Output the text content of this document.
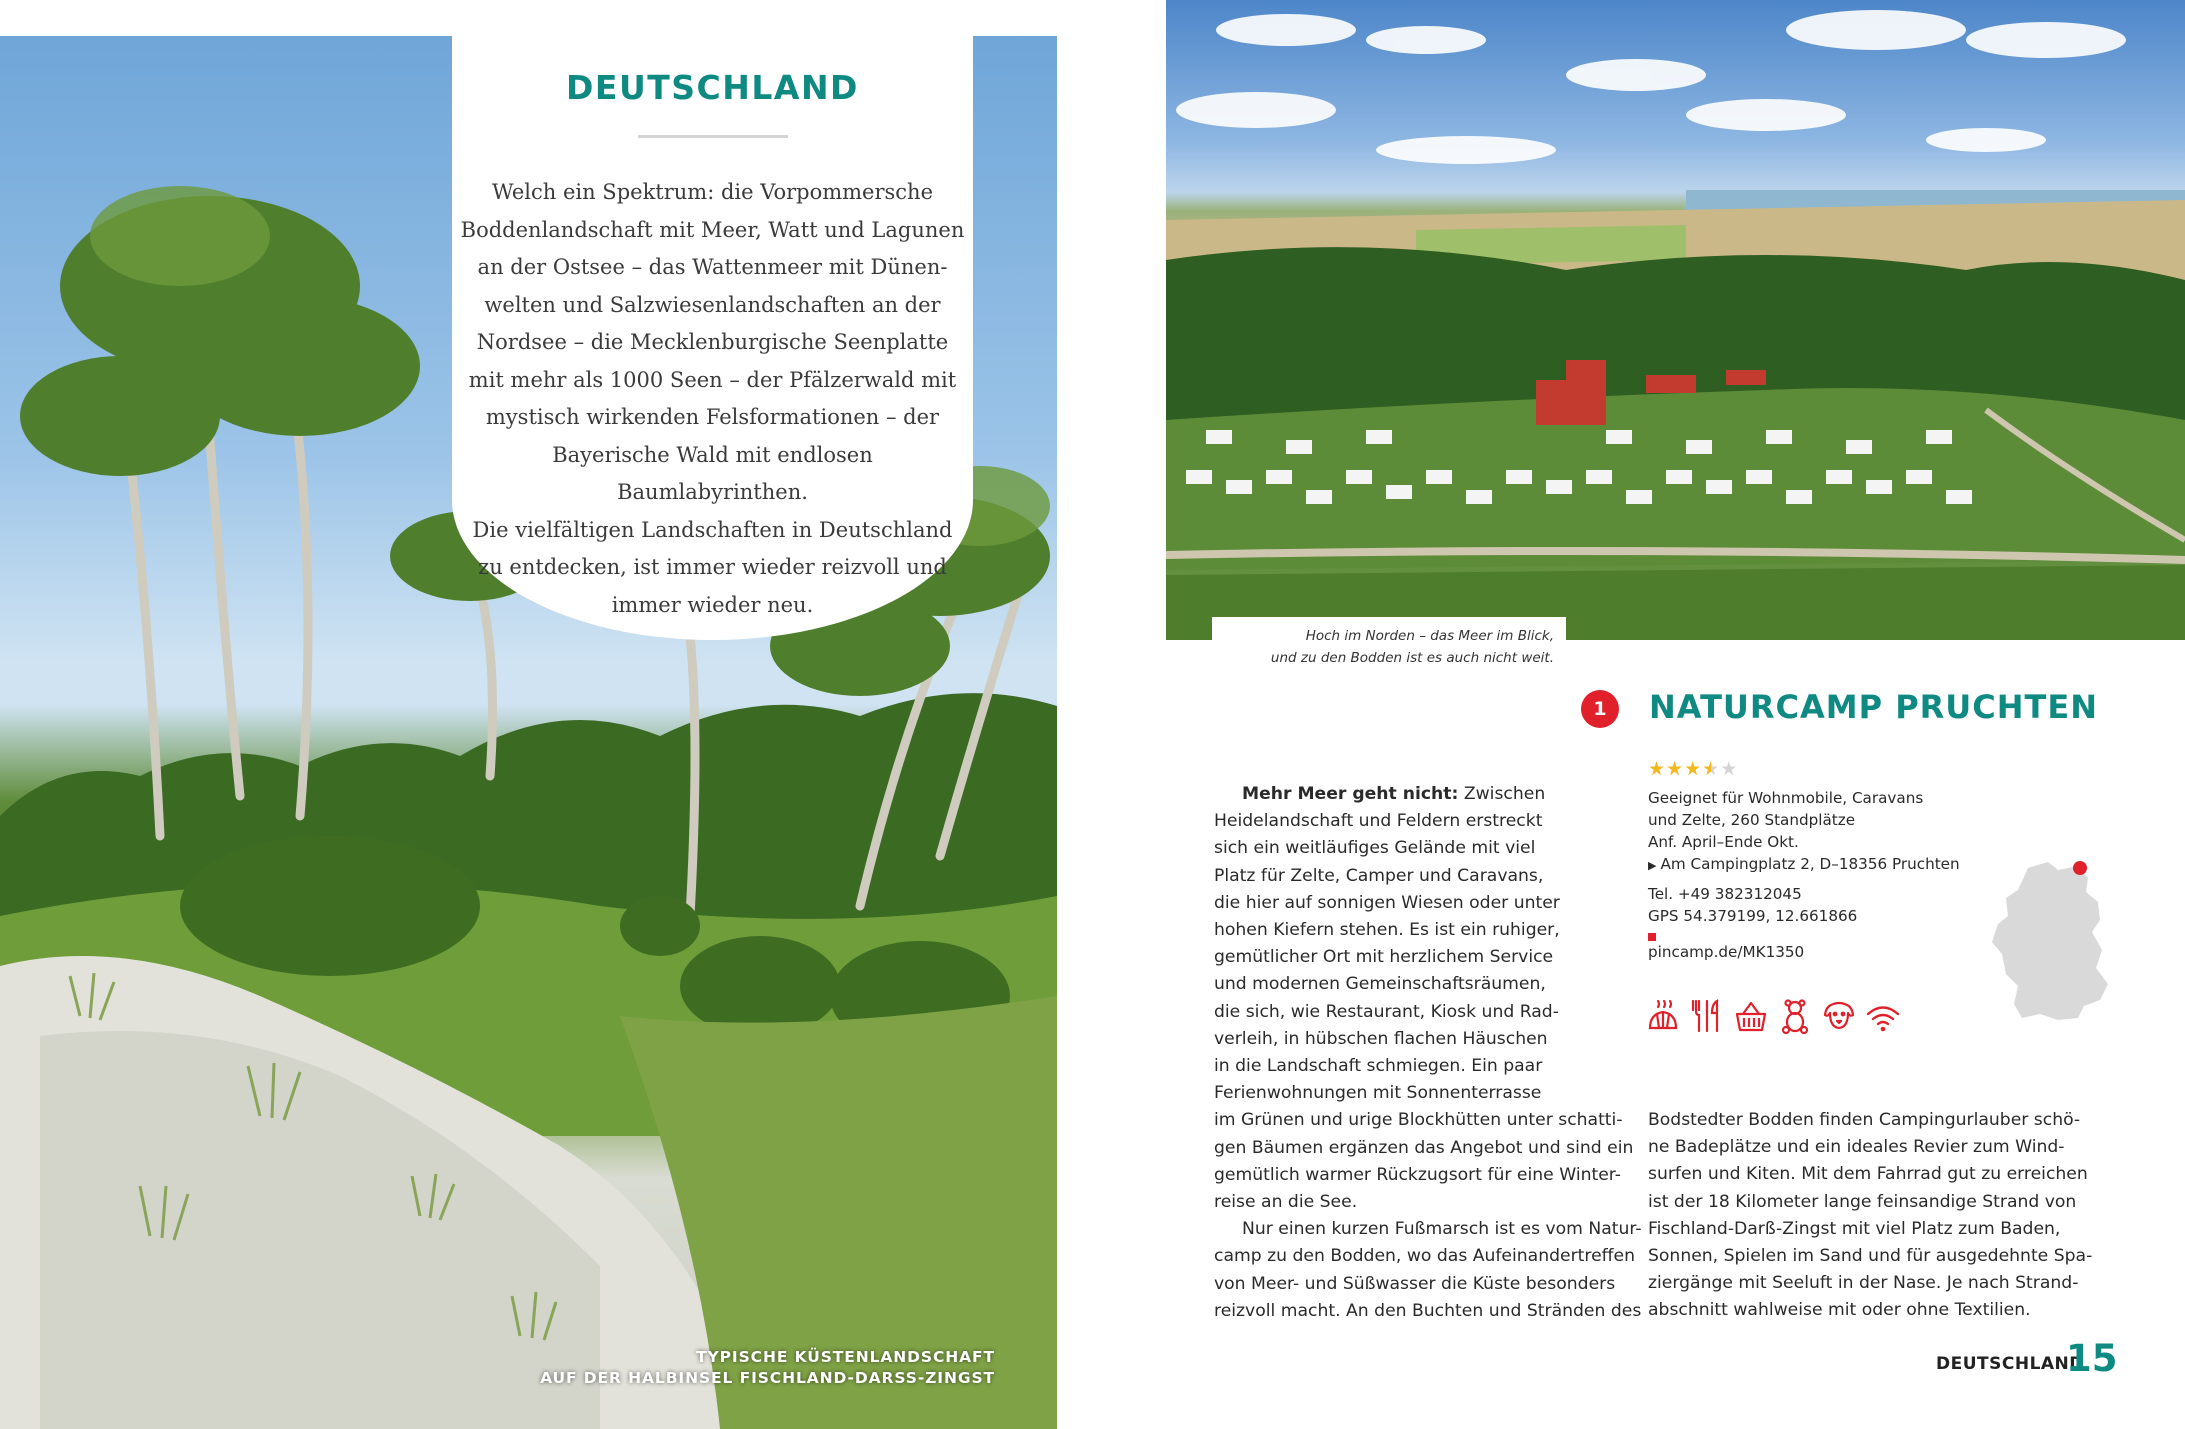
TYPISCHE KÜSTENLANDSCHAFT
AUF DER HALBINSEL FISCHLAND-DARSS-ZINGST
DEUTSCHLAND
Welch ein Spektrum: die Vorpommersche
Boddenlandschaft mit Meer, Watt und Lagunen
an der Ostsee – das Wattenmeer mit Dünen-
welten und Salzwiesenlandschaften an der
Nordsee – die Mecklenburgische Seenplatte
mit mehr als 1000 Seen – der Pfälzerwald mit
mystisch wirkenden Felsformationen – der
Bayerische Wald mit endlosen Baumlabyrinthen.
Die vielfältigen Landschaften in Deutschland
zu entdecken, ist immer wieder reizvoll und
immer wieder neu.
Hoch im Norden – das Meer im Blick,
und zu den Bodden ist es auch nicht weit.
1	NATURCAMP PRUCHTEN
★★★★★
Geeignet für Wohnmobile, Caravans
und Zelte, 260 Standplätze
Anf. April–Ende Okt.
▶ Am Campingplatz 2, D–18356 Pruchten
Tel. +49 382312045
GPS 54.379199, 12.661866
pincamp.de/MK1350
Mehr Meer geht nicht: Zwischen
Heidelandschaft und Feldern erstreckt
sich ein weitläufiges Gelände mit viel
Platz für Zelte, Camper und Caravans,
die hier auf sonnigen Wiesen oder unter
hohen Kiefern stehen. Es ist ein ruhiger,
gemütlicher Ort mit herzlichem Service
und modernen Gemeinschaftsräumen,
die sich, wie Restaurant, Kiosk und Rad-
verleih, in hübschen flachen Häuschen
in die Landschaft schmiegen. Ein paar
Ferienwohnungen mit Sonnenterrasse
im Grünen und urige Blockhütten unter schatti-
gen Bäumen ergänzen das Angebot und sind ein
gemütlich warmer Rückzugsort für eine Winter-
reise an die See.
Nur einen kurzen Fußmarsch ist es vom Natur-
camp zu den Bodden, wo das Aufeinandertreffen
von Meer- und Süßwasser die Küste besonders
reizvoll macht. An den Buchten und Stränden des
Bodstedter Bodden finden Campingurlauber schö-
ne Badeplätze und ein ideales Revier zum Wind-
surfen und Kiten. Mit dem Fahrrad gut zu erreichen
ist der 18 Kilometer lange feinsandige Strand von
Fischland-Darß-Zingst mit viel Platz zum Baden,
Sonnen, Spielen im Sand und für ausgedehnte Spa-
ziergänge mit Seeluft in der Nase. Je nach Strand-
abschnitt wahlweise mit oder ohne Textilien.
DEUTSCHLAND
15
